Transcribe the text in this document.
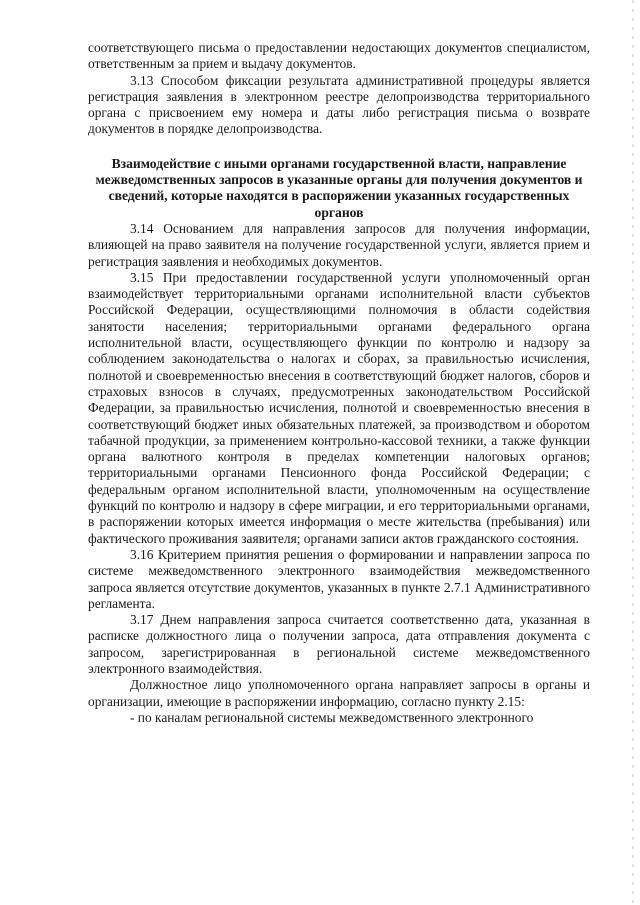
соответствующего письма о предоставлении недостающих документов специалистом, ответственным за прием и выдачу документов.

3.13 Способом фиксации результата административной процедуры является регистрация заявления в электронном реестре делопроизводства территориального органа с присвоением ему номера и даты либо регистрация письма о возврате документов в порядке делопроизводства.

Взаимодействие с иными органами государственной власти, направление межведомственных запросов в указанные органы для получения документов и сведений, которые находятся в распоряжении указанных государственных органов

3.14 Основанием для направления запросов для получения информации, влияющей на право заявителя на получение государственной услуги, является прием и регистрация заявления и необходимых документов.

3.15 При предоставлении государственной услуги уполномоченный орган взаимодействует территориальными органами исполнительной власти субъектов Российской Федерации, осуществляющими полномочия в области содействия занятости населения; территориальными органами федерального органа исполнительной власти, осуществляющего функции по контролю и надзору за соблюдением законодательства о налогах и сборах, за правильностью исчисления, полнотой и своевременностью внесения в соответствующий бюджет налогов, сборов и страховых взносов в случаях, предусмотренных законодательством Российской Федерации, за правильностью исчисления, полнотой и своевременностью внесения в соответствующий бюджет иных обязательных платежей, за производством и оборотом табачной продукции, за применением контрольно-кассовой техники, а также функции органа валютного контроля в пределах компетенции налоговых органов; территориальными органами Пенсионного фонда Российской Федерации; с федеральным органом исполнительной власти, уполномоченным на осуществление функций по контролю и надзору в сфере миграции, и его территориальными органами, в распоряжении которых имеется информация о месте жительства (пребывания) или фактического проживания заявителя; органами записи актов гражданского состояния.

3.16 Критерием принятия решения о формировании и направлении запроса по системе межведомственного электронного взаимодействия межведомственного запроса является отсутствие документов, указанных в пункте 2.7.1 Административного регламента.

3.17 Днем направления запроса считается соответственно дата, указанная в расписке должностного лица о получении запроса, дата отправления документа с запросом, зарегистрированная в региональной системе межведомственного электронного взаимодействия.

Должностное лицо уполномоченного органа направляет запросы в органы и организации, имеющие в распоряжении информацию, согласно пункту 2.15:

- по каналам региональной системы межведомственного электронного
